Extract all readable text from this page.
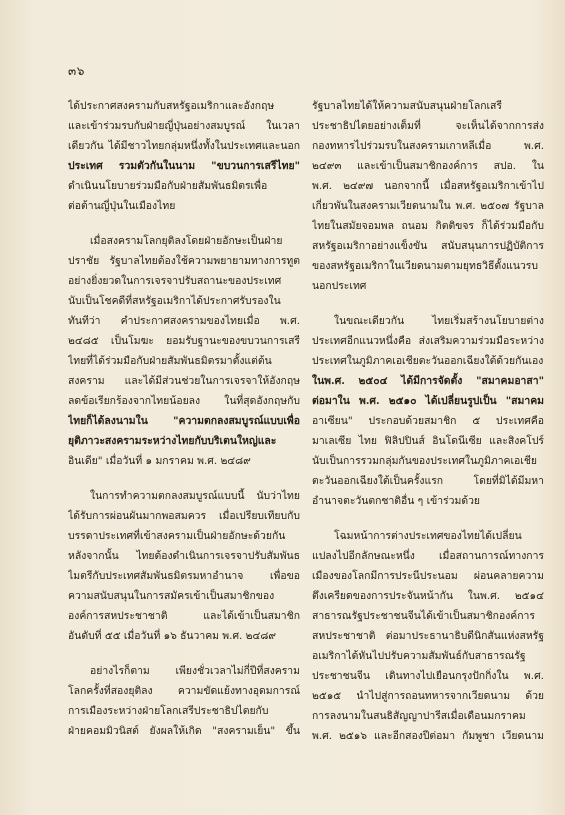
๓๖

ได้ประกาศสงครามกับสหรัฐอเมริกาและอังกฤษ
และเข้าร่วมรบกับฝ่ายญี่ปุ่นอย่างสมบูรณ์ ในเวลา
เดียวกัน ได้มีชาวไทยกลุ่มหนึ่งทั้งในประเทศและนอก
ประเทศ รวมตัวกันในนาม "ขบวนการเสรีไทย"
ดำเนินนโยบายร่วมมือกับฝ่ายสัมพันธมิตรเพื่อ
ต่อต้านญี่ปุ่นในเมืองไทย

เมื่อสงครามโลกยุติลงโดยฝ่ายอักษะเป็นฝ่าย
ปราชัย รัฐบาลไทยต้องใช้ความพยายามทางการทูต
อย่างยิ่งยวดในการเจรจาปรับสถานะของประเทศ
นับเป็นโชคดีที่สหรัฐอเมริกาได้ประกาศรับรองใน
ทันทีว่า คำประกาศสงครามของไทยเมื่อ พ.ศ.
๒๔๘๕ เป็นโมฆะ ยอมรับฐานะของขบวนการเสรี
ไทยที่ได้ร่วมมือกับฝ่ายสัมพันธมิตรมาตั้งแต่ต้น
สงคราม และได้มีส่วนช่วยในการเจรจาให้อังกฤษ
ลดข้อเรียกร้องจากไทยน้อยลง ในที่สุดอังกฤษกับ
ไทยก็ได้ลงนามใน "ความตกลงสมบูรณ์แบบเพื่อ
ยุติภาวะสงครามระหว่างไทยกับบริเตนใหญ่และ
อินเดีย" เมื่อวันที่ ๑ มกราคม พ.ศ. ๒๔๘๙

ในการทำความตกลงสมบูรณ์แบบนี้ นับว่าไทย
ได้รับการผ่อนผันมากพอสมควร เมื่อเปรียบเทียบกับ
บรรดาประเทศที่เข้าสงครามเป็นฝ่ายอักษะด้วยกัน
หลังจากนั้น ไทยต้องดำเนินการเจรจาปรับสัมพันธ
ไมตรีกับประเทศสัมพันธมิตรมหาอำนาจ เพื่อขอ
ความสนับสนุนในการสมัครเข้าเป็นสมาชิกของ
องค์การสหประชาชาติ และได้เข้าเป็นสมาชิก
อันดับที่ ๕๕ เมื่อวันที่ ๑๖ ธันวาคม พ.ศ. ๒๔๘๙

อย่างไรก็ตาม เพียงชั่วเวลาไม่กี่ปีที่สงคราม
โลกครั้งที่สองยุติลง ความขัดแย้งทางอุดมการณ์
การเมืองระหว่างฝ่ายโลกเสรีประชาธิปไตยกับ
ฝ่ายคอมมิวนิสต์ ยังผลให้เกิด "สงครามเย็น" ขึ้น

รัฐบาลไทยได้ให้ความสนับสนุนฝ่ายโลกเสรี
ประชาธิปไตยอย่างเต็มที่ จะเห็นได้จากการส่ง
กองทหารไปร่วมรบในสงครามเกาหลีเมื่อ พ.ศ.
๒๔๙๓ และเข้าเป็นสมาชิกองค์การ สปอ. ใน
พ.ศ. ๒๔๙๗ นอกจากนี้ เมื่อสหรัฐอเมริกาเข้าไป
เกี่ยวพันในสงครามเวียดนามใน พ.ศ. ๒๕๐๗ รัฐบาล
ไทยในสมัยจอมพล ถนอม กิตติขจร ก็ได้ร่วมมือกับ
สหรัฐอเมริกาอย่างแข็งขัน สนับสนุนการปฏิบัติการ
ของสหรัฐอเมริกาในเวียดนามตามยุทธวิธีตั้งแนวรบ
นอกประเทศ

ในขณะเดียวกัน ไทยเริ่มสร้างนโยบายต่าง
ประเทศอีกแนวหนึ่งคือ ส่งเสริมความร่วมมือระหว่าง
ประเทศในภูมิภาคเอเชียตะวันออกเฉียงใต้ด้วยกันเอง
ในพ.ศ. ๒๕๐๔ ได้มีการจัดตั้ง "สมาคมอาสา"
ต่อมาใน พ.ศ. ๒๕๑๐ ได้เปลี่ยนรูปเป็น "สมาคม
อาเซียน" ประกอบด้วยสมาชิก ๕ ประเทศคือ
มาเลเซีย ไทย ฟิลิปปินส์ อินโดนีเซีย และสิงคโปร์
นับเป็นการรวมกลุ่มกันของประเทศในภูมิภาคเอเชีย
ตะวันออกเฉียงใต้เป็นครั้งแรก โดยที่มิได้มีมหา
อำนาจตะวันตกชาติอื่น ๆ เข้าร่วมด้วย

โฉมหน้าการต่างประเทศของไทยได้เปลี่ยน
แปลงไปอีกลักษณะหนึ่ง เมื่อสถานการณ์ทางการ
เมืองของโลกมีการประนีประนอม ผ่อนคลายความ
ตึงเครียดของการประจันหน้ากัน ในพ.ศ. ๒๕๑๔
สาธารณรัฐประชาชนจีนได้เข้าเป็นสมาชิกองค์การ
สหประชาชาติ ต่อมาประธานาธิบดีนิกสันแห่งสหรัฐ
อเมริกาได้หันไปปรับความสัมพันธ์กับสาธารณรัฐ
ประชาชนจีน เดินทางไปเยือนกรุงปักกิ่งใน พ.ศ.
๒๕๑๕ นำไปสู่การถอนทหารจากเวียดนาม ด้วย
การลงนามในสนธิสัญญาปารีสเมื่อเดือนมกราคม
พ.ศ. ๒๕๑๖ และอีกสองปีต่อมา กัมพูชา เวียดนาม
